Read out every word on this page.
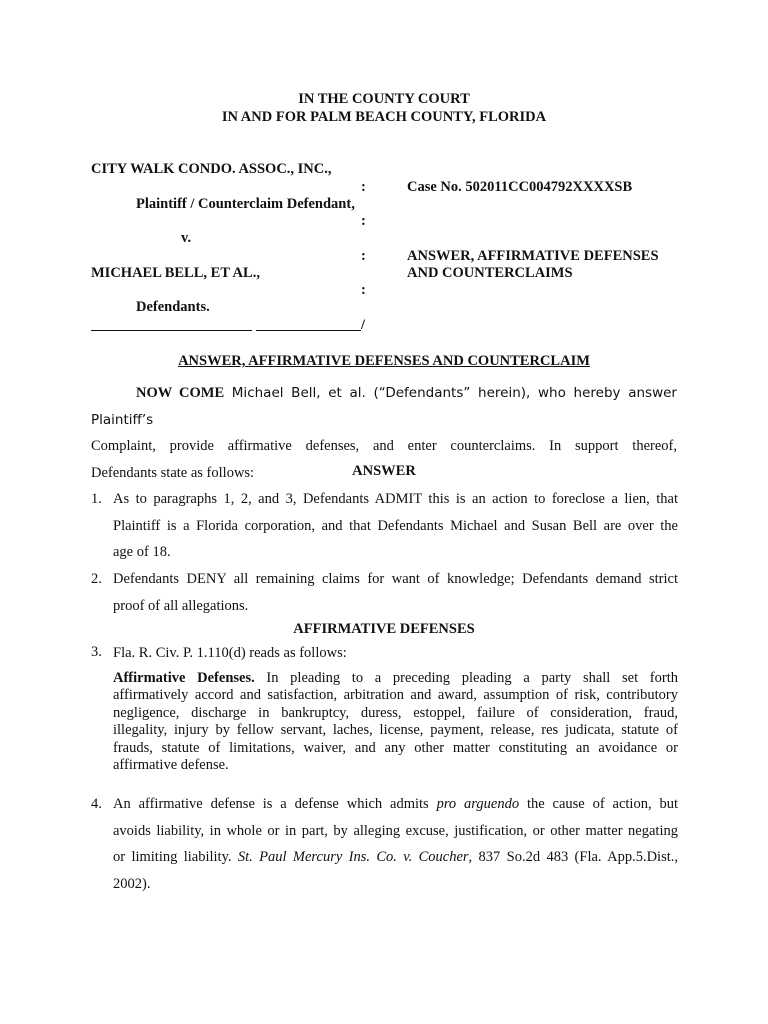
IN THE COUNTY COURT
IN AND FOR PALM BEACH COUNTY, FLORIDA
CITY WALK CONDO. ASSOC., INC.,
:	Case No. 502011CC004792XXXXSB
Plaintiff / Counterclaim Defendant,
:
v.
:	ANSWER, AFFIRMATIVE DEFENSES
MICHAEL BELL, ET AL.,	AND COUNTERCLAIMS
:
Defendants.
/
ANSWER, AFFIRMATIVE DEFENSES AND COUNTERCLAIM
NOW COME Michael Bell, et al. (“Defendants” herein), who hereby answer Plaintiff’s
Complaint, provide affirmative defenses, and enter counterclaims. In support thereof,
Defendants state as follows:	ANSWER
1. As to paragraphs 1, 2, and 3, Defendants ADMIT this is an action to foreclose a lien, that
Plaintiff is a Florida corporation, and that Defendants Michael and Susan Bell are over the
age of 18.
2. Defendants DENY all remaining claims for want of knowledge; Defendants demand strict
proof of all allegations.
AFFIRMATIVE DEFENSES
3. Fla. R. Civ. P. 1.110(d) reads as follows:
Affirmative Defenses. In pleading to a preceding pleading a party shall set forth
affirmatively accord and satisfaction, arbitration and award, assumption of risk, contributory
negligence, discharge in bankruptcy, duress, estoppel, failure of consideration, fraud,
illegality, injury by fellow servant, laches, license, payment, release, res judicata, statute of
frauds, statute of limitations, waiver, and any other matter constituting an avoidance or
affirmative defense.
4. An affirmative defense is a defense which admits pro arguendo the cause of action, but
avoids liability, in whole or in part, by alleging excuse, justification, or other matter negating
or limiting liability. St. Paul Mercury Ins. Co. v. Coucher, 837 So.2d 483 (Fla. App.5.Dist.,
2002).
